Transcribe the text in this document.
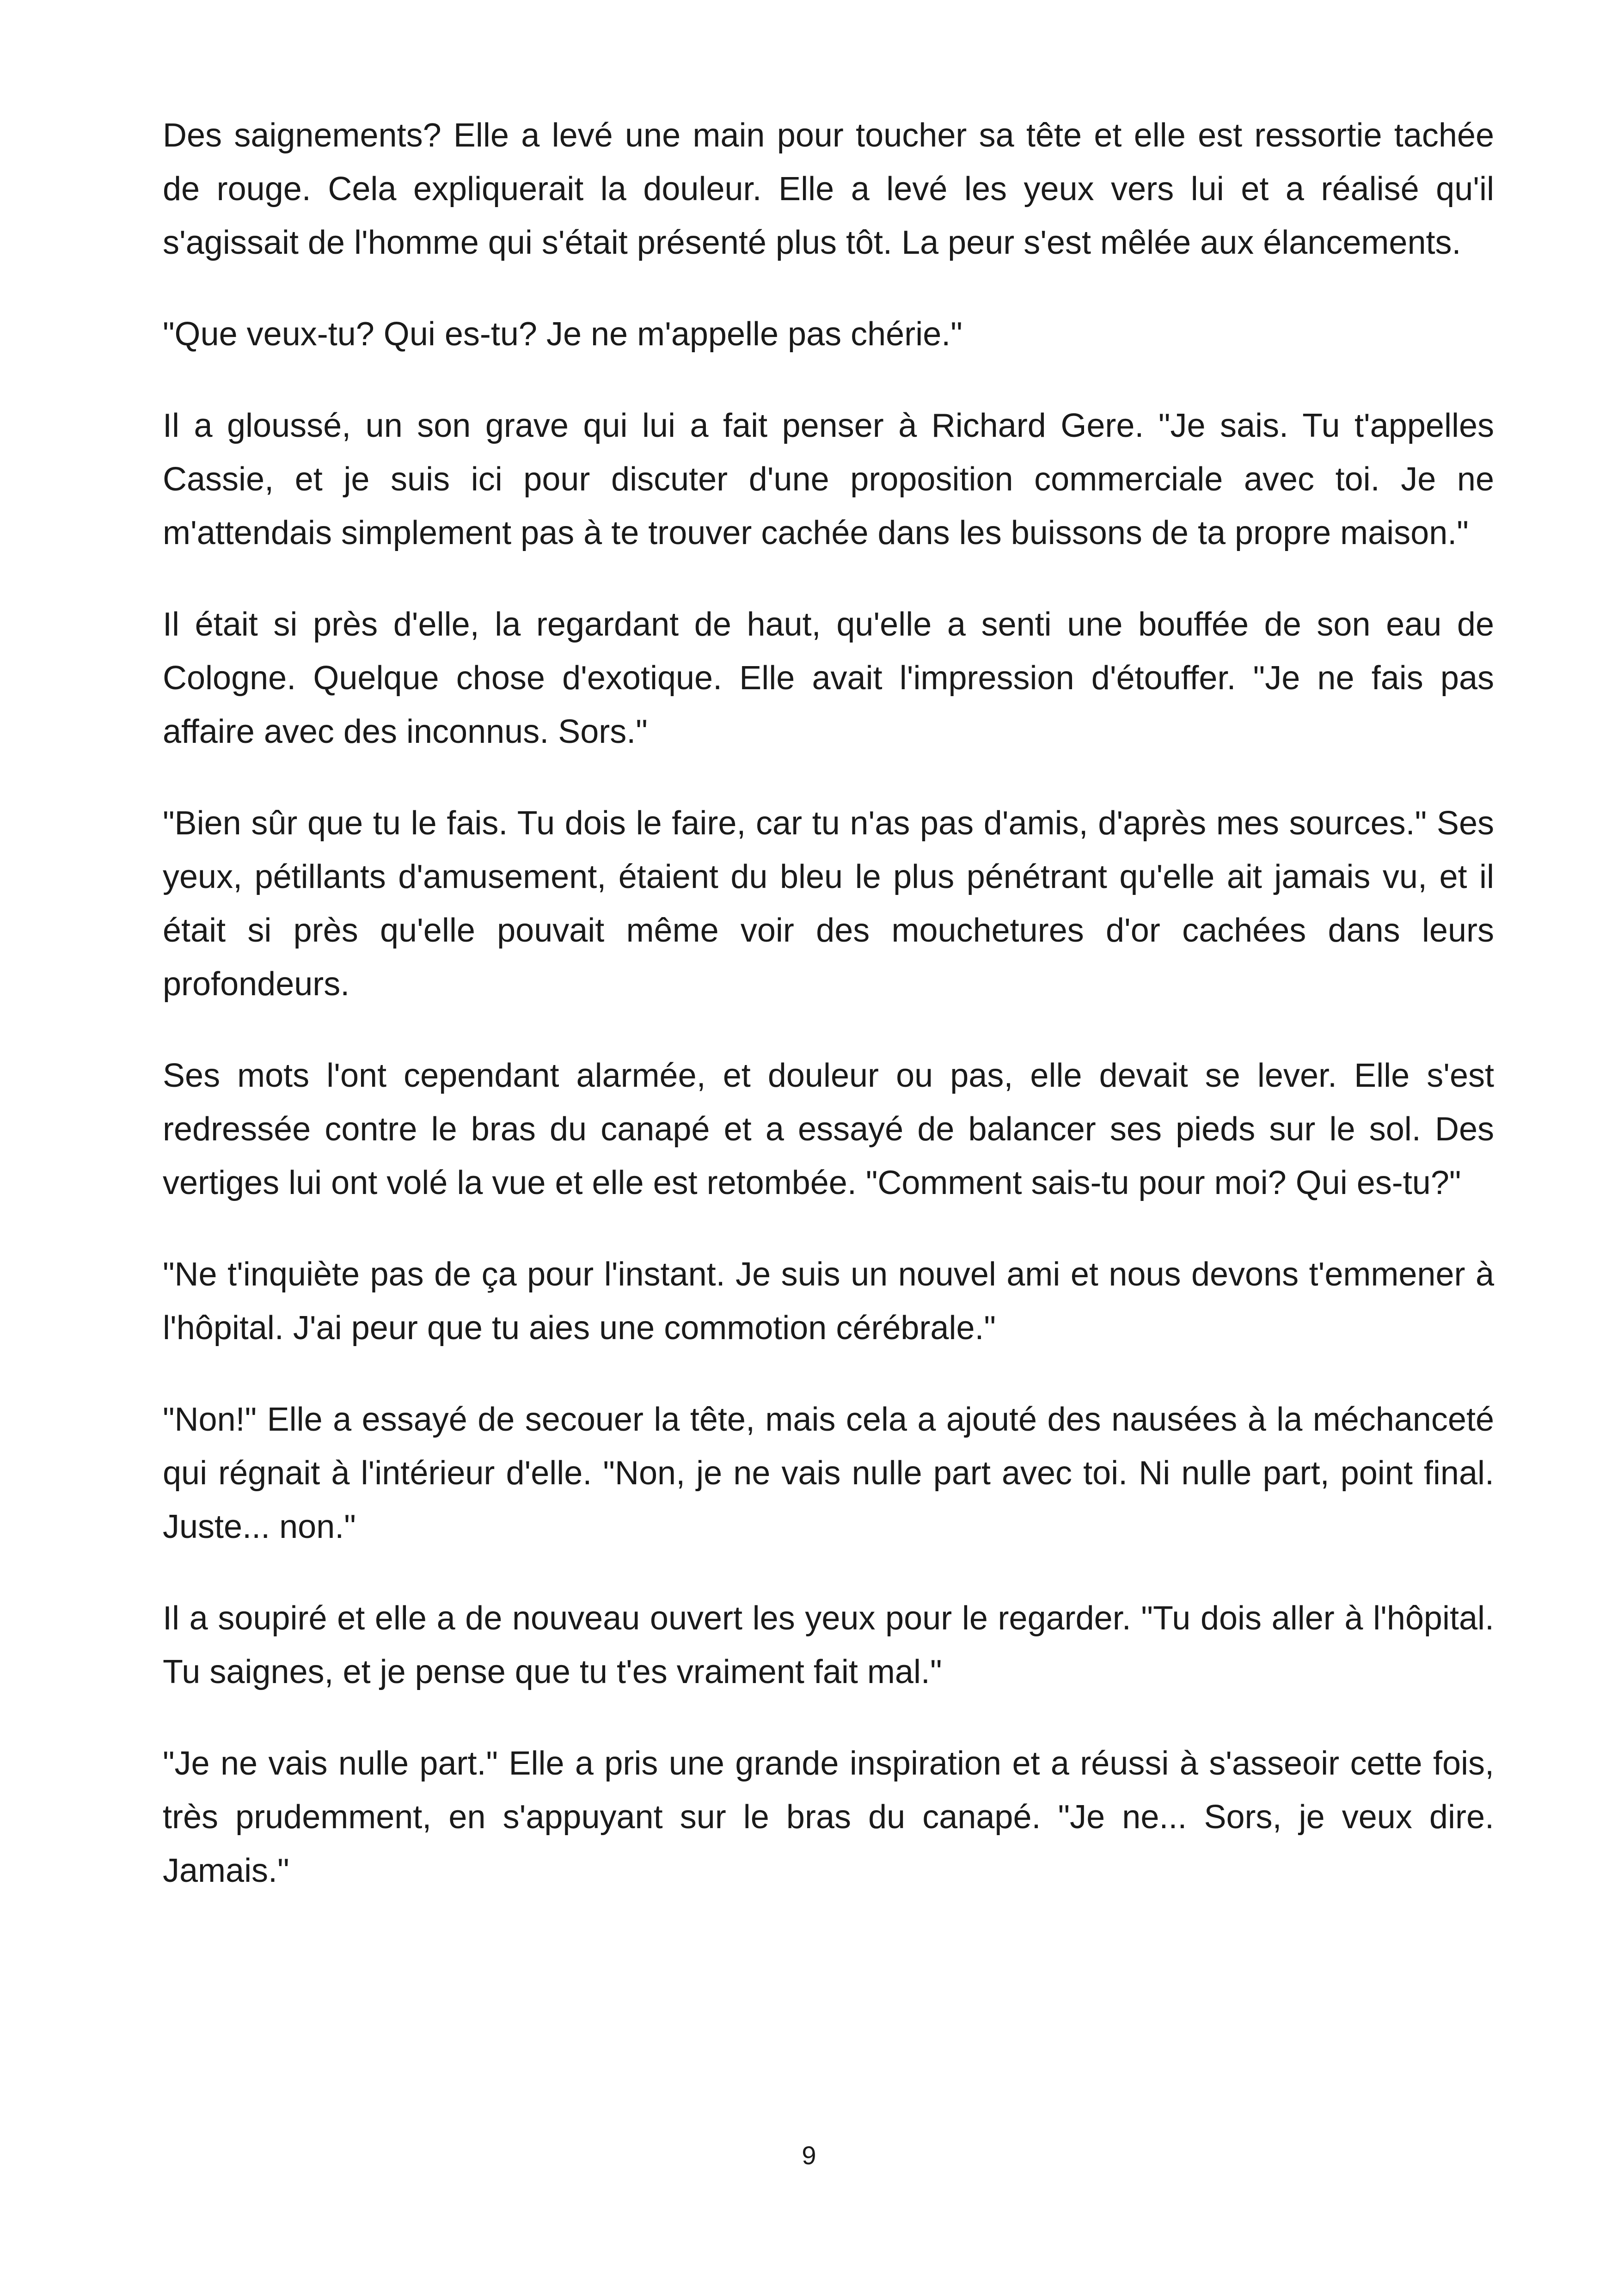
Des saignements? Elle a levé une main pour toucher sa tête et elle est ressortie tachée de rouge. Cela expliquerait la douleur. Elle a levé les yeux vers lui et a réalisé qu'il s'agissait de l'homme qui s'était présenté plus tôt. La peur s'est mêlée aux élancements.

"Que veux-tu? Qui es-tu? Je ne m'appelle pas chérie."

Il a gloussé, un son grave qui lui a fait penser à Richard Gere. "Je sais. Tu t'appelles Cassie, et je suis ici pour discuter d'une proposition commerciale avec toi. Je ne m'attendais simplement pas à te trouver cachée dans les buissons de ta propre maison."

Il était si près d'elle, la regardant de haut, qu'elle a senti une bouffée de son eau de Cologne. Quelque chose d'exotique. Elle avait l'impression d'étouffer. "Je ne fais pas affaire avec des inconnus. Sors."

"Bien sûr que tu le fais. Tu dois le faire, car tu n'as pas d'amis, d'après mes sources." Ses yeux, pétillants d'amusement, étaient du bleu le plus pénétrant qu'elle ait jamais vu, et il était si près qu'elle pouvait même voir des mouchetures d'or cachées dans leurs profondeurs.

Ses mots l'ont cependant alarmée, et douleur ou pas, elle devait se lever. Elle s'est redressée contre le bras du canapé et a essayé de balancer ses pieds sur le sol. Des vertiges lui ont volé la vue et elle est retombée. "Comment sais-tu pour moi? Qui es-tu?"

"Ne t'inquiète pas de ça pour l'instant. Je suis un nouvel ami et nous devons t'emmener à l'hôpital. J'ai peur que tu aies une commotion cérébrale."

"Non!" Elle a essayé de secouer la tête, mais cela a ajouté des nausées à la méchanceté qui régnait à l'intérieur d'elle. "Non, je ne vais nulle part avec toi. Ni nulle part, point final. Juste... non."

Il a soupiré et elle a de nouveau ouvert les yeux pour le regarder. "Tu dois aller à l'hôpital. Tu saignes, et je pense que tu t'es vraiment fait mal."

"Je ne vais nulle part." Elle a pris une grande inspiration et a réussi à s'asseoir cette fois, très prudemment, en s'appuyant sur le bras du canapé. "Je ne... Sors, je veux dire. Jamais."

9
